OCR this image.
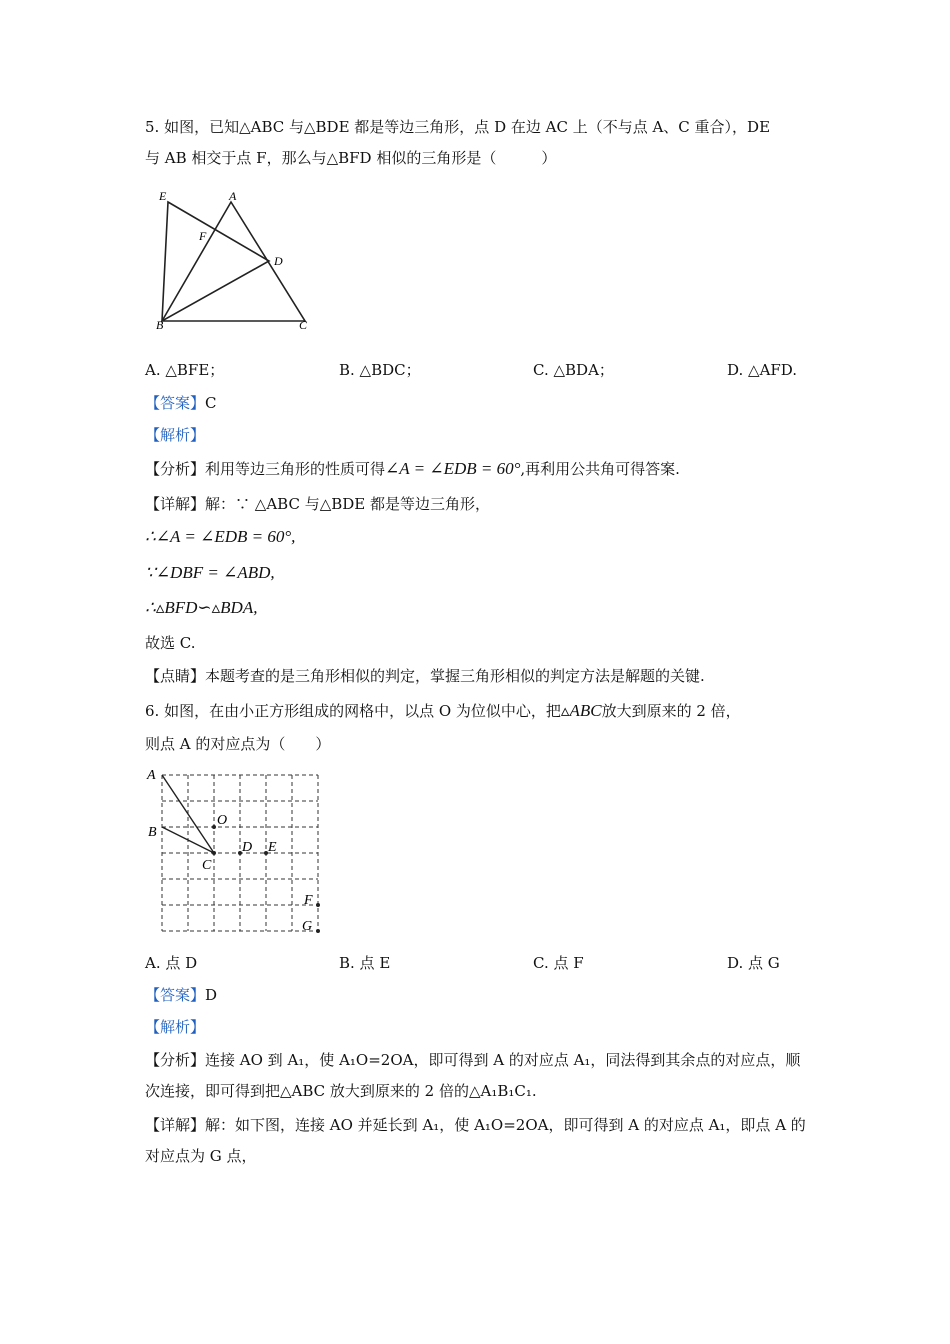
5. 如图，已知△ABC 与△BDE 都是等边三角形，点 D 在边 AC 上（不与点 A、C 重合），DE
与 AB 相交于点 F，那么与△BFD 相似的三角形是（　　　）
E	A
F
D
B	C
A. △BFE；	B. △BDC；	C. △BDA；	D. △AFD.
【答案】C
【解析】
【分析】利用等边三角形的性质可得∠A = ∠EDB = 60°,再利用公共角可得答案.
【详解】解：∵ △ABC 与△BDE 都是等边三角形，
∴∠A = ∠EDB = 60°,
∵∠DBF = ∠ABD,
∴▵BFD∽▵BDA,
故选 C.
【点睛】本题考查的是三角形相似的判定，掌握三角形相似的判定方法是解题的关键.
6. 如图，在由小正方形组成的网格中，以点 O 为位似中心，把▵ABC放大到原来的 2 倍，
则点 A 的对应点为（　　）
A
B
O
C
D E
F
G
A. 点 D	B. 点 E	C. 点 F	D. 点 G
【答案】D
【解析】
【分析】连接 AO 到 A₁，使 A₁O=2OA，即可得到 A 的对应点 A₁，同法得到其余点的对应点，顺
次连接，即可得到把△ABC 放大到原来的 2 倍的△A₁B₁C₁.
【详解】解：如下图，连接 AO 并延长到 A₁，使 A₁O=2OA，即可得到 A 的对应点 A₁，即点 A 的
对应点为 G 点，
